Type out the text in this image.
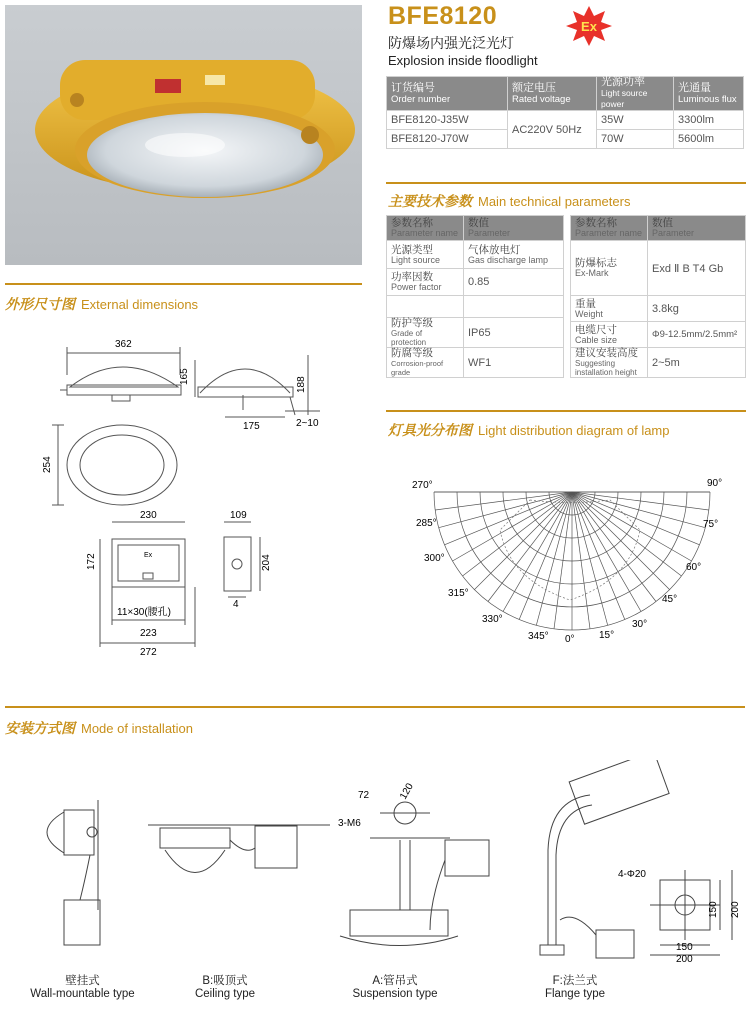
BFE8120	Ex
防爆场内强光泛光灯
Explosion inside floodlight
订货编号
Order number	额定电压
Rated voltage	光源功率
Light source power	光通量
Luminous flux

BFE8120-J35W	AC220V 50Hz	35W	3300lm
BFE8120-J70W		70W	5600lm
主要技术参数 Main technical parameters
参数名称
Parameter name	数值
Parameter

光源类型
Light source	气体放电灯
Gas discharge lamp

功率因数
Power factor	0.85

防护等级
Grade of protection	IP65

防腐等级
Corrosion-proof grade	WF1
参数名称
Parameter name	数值
Parameter

防爆标志
Ex-Mark	Exd Ⅱ B T4 Gb

重量
Weight	3.8kg

电缆尺寸
Cable size	Φ9-12.5mm/2.5mm²

建议安装高度
Suggesting installation height	2~5m
外形尺寸图 External dimensions
362
165	188
175	2~10
254
230
Ex
109
172	204
11×30(腰孔)
223
272
4
灯具光分布图 Light distribution diagram of lamp
270°
285°
300°
315°
330°
345°
90°
75°
60°
45°
30°
15°
0°
安装方式图 Mode of installation
72	120
3-M6
4-Φ20
150 200
150
200
壁挂式
Wall-mountable type
B:吸顶式
Ceiling type
A:管吊式
Suspension type
F:法兰式
Flange type
